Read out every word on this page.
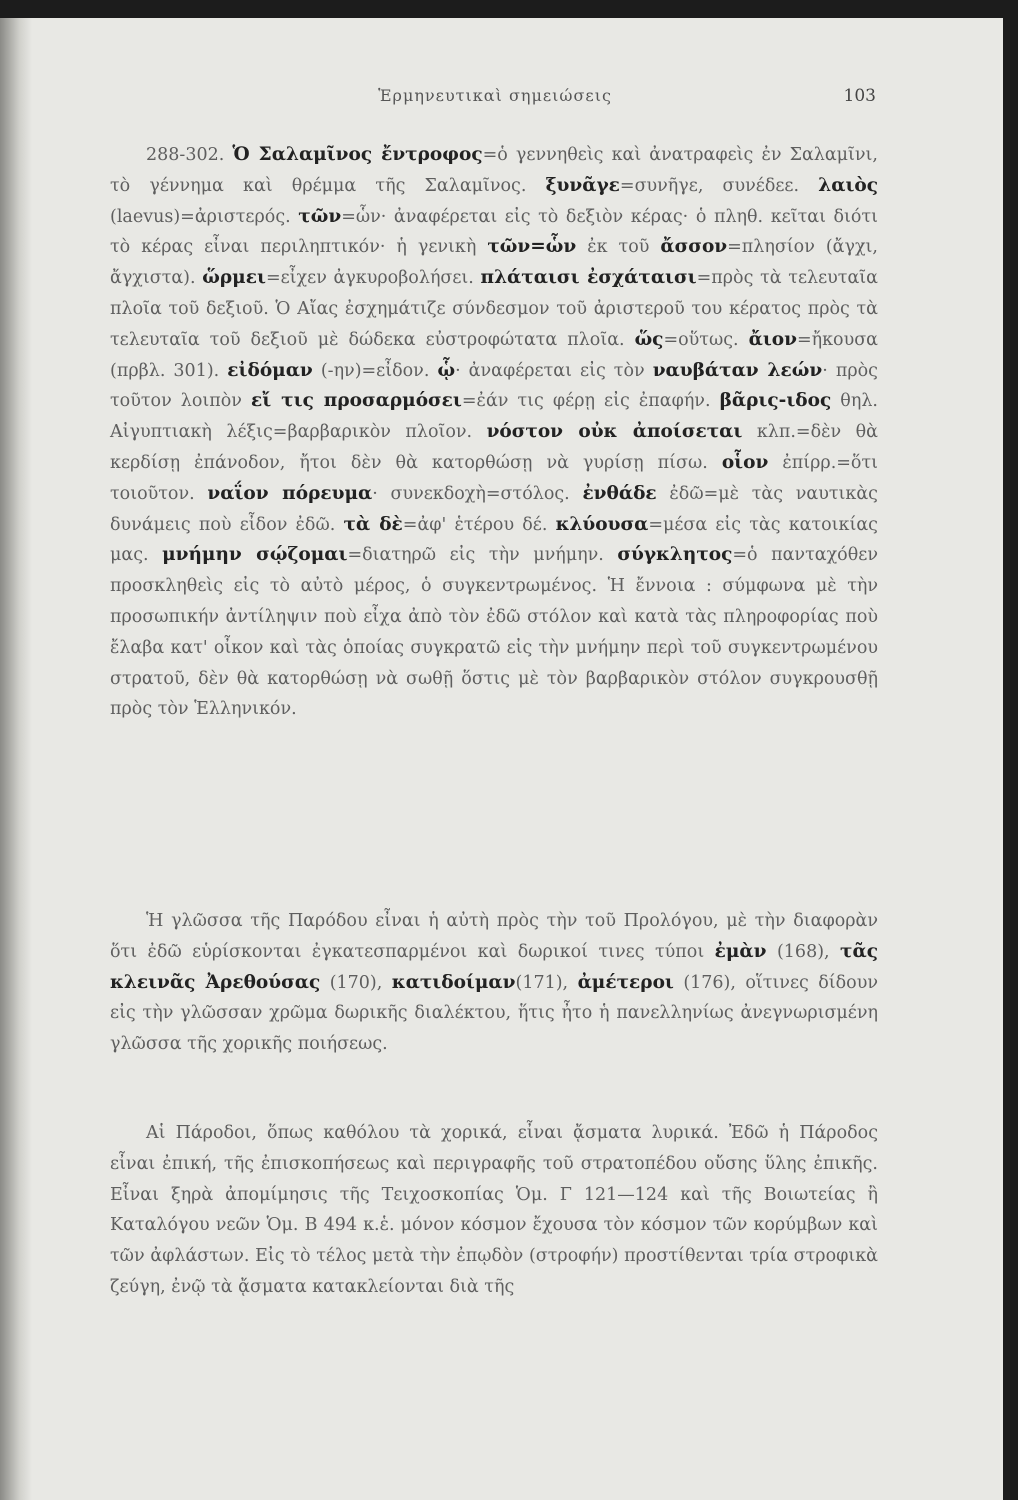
Ἑρμηνευτικαὶ σημειώσεις	103

288-302. Ὁ Σαλαμῖνος ἔντροφος=ὁ γεννηθεὶς καὶ ἀνατραφεὶς ἐν Σαλαμῖνι, τὸ γέννημα καὶ θρέμμα τῆς Σαλαμῖνος. ξυνᾶγε=συνῆγε, συνέδεε. λαιὸς (laevus)=ἀριστερός. τῶν=ὧν· ἀναφέρεται εἰς τὸ δεξιὸν κέρας· ὁ πληθ. κεῖται διότι τὸ κέρας εἶναι περιληπτικόν· ἡ γενικὴ τῶν=ὧν ἐκ τοῦ ἄσσον=πλησίον (ἄγχι, ἄγχιστα). ὥρμει=εἶχεν ἀγκυροβολήσει. πλάταισι ἐσχάταισι=πρὸς τὰ τελευταῖα πλοῖα τοῦ δεξιοῦ. Ὁ Αἴας ἐσχημάτιζε σύνδεσμον τοῦ ἀριστεροῦ του κέρατος πρὸς τὰ τελευταῖα τοῦ δεξιοῦ μὲ δώδεκα εὐστροφώτατα πλοῖα. ὥς=οὕτως. ἄιον=ἤκουσα (πρβλ. 301). εἰδόμαν (-ην)=εἶδον. ᾧ· ἀναφέρεται εἰς τὸν ναυβάταν λεών· πρὸς τοῦτον λοιπὸν εἴ τις προσαρμόσει=ἐάν τις φέρῃ εἰς ἐπαφήν. βᾶρις-ιδος θηλ. Αἰγυπτιακὴ λέξις=βαρβαρικὸν πλοῖον. νόστον οὐκ ἀποίσεται κλπ.=δὲν θὰ κερδίσῃ ἐπάνοδον, ἤτοι δὲν θὰ κατορθώσῃ νὰ γυρίσῃ πίσω. οἷον ἐπίρρ.=ὅτι τοιοῦτον. ναΐον πόρευμα· συνεκδοχὴ=στόλος. ἐνθάδε ἐδῶ=μὲ τὰς ναυτικὰς δυνάμεις ποὺ εἶδον ἐδῶ. τὰ δὲ=ἀφ' ἑτέρου δέ. κλύουσα=μέσα εἰς τὰς κατοικίας μας. μνήμην σῴζομαι=διατηρῶ εἰς τὴν μνήμην. σύγκλητος=ὁ πανταχόθεν προσκληθεὶς εἰς τὸ αὐτὸ μέρος, ὁ συγκεντρωμένος. Ἡ ἔννοια : σύμφωνα μὲ τὴν προσωπικήν ἀντίληψιν ποὺ εἶχα ἀπὸ τὸν ἐδῶ στόλον καὶ κατὰ τὰς πληροφορίας ποὺ ἔλαβα κατ' οἶκον καὶ τὰς ὁποίας συγκρατῶ εἰς τὴν μνήμην περὶ τοῦ συγκεντρωμένου στρατοῦ, δὲν θὰ κατορθώσῃ νὰ σωθῇ ὅστις μὲ τὸν βαρβαρικὸν στόλον συγκρουσθῇ πρὸς τὸν Ἑλληνικόν.

Ἡ γλῶσσα τῆς Παρόδου εἶναι ἡ αὐτὴ πρὸς τὴν τοῦ Προλόγου, μὲ τὴν διαφορὰν ὅτι ἐδῶ εὑρίσκονται ἐγκατεσπαρμένοι καὶ δωρικοί τινες τύποι ἐμὰν (168), τᾶς κλεινᾶς Ἀρεθούσας (170), κατιδοίμαν(171), ἀμέτεροι (176), οἵτινες δίδουν εἰς τὴν γλῶσσαν χρῶμα δωρικῆς διαλέκτου, ἥτις ἦτο ἡ πανελληνίως ἀνεγνωρισμένη γλῶσσα τῆς χορικῆς ποιήσεως.

Αἱ Πάροδοι, ὅπως καθόλου τὰ χορικά, εἶναι ᾄσματα λυρικά. Ἐδῶ ἡ Πάροδος εἶναι ἐπική, τῆς ἐπισκοπήσεως καὶ περιγραφῆς τοῦ στρατοπέδου οὔσης ὕλης ἐπικῆς. Εἶναι ξηρὰ ἀπομίμησις τῆς Τειχοσκοπίας Ὁμ. Γ 121—124 καὶ τῆς Βοιωτείας ἢ Καταλόγου νεῶν Ὁμ. Β 494 κ.ἑ. μόνον κόσμον ἔχουσα τὸν κόσμον τῶν κορύμβων καὶ τῶν ἀφλάστων. Εἰς τὸ τέλος μετὰ τὴν ἐπῳδὸν (στροφήν) προστίθενται τρία στροφικὰ ζεύγη, ἐνῷ τὰ ᾄσματα κατακλείονται διὰ τῆς
